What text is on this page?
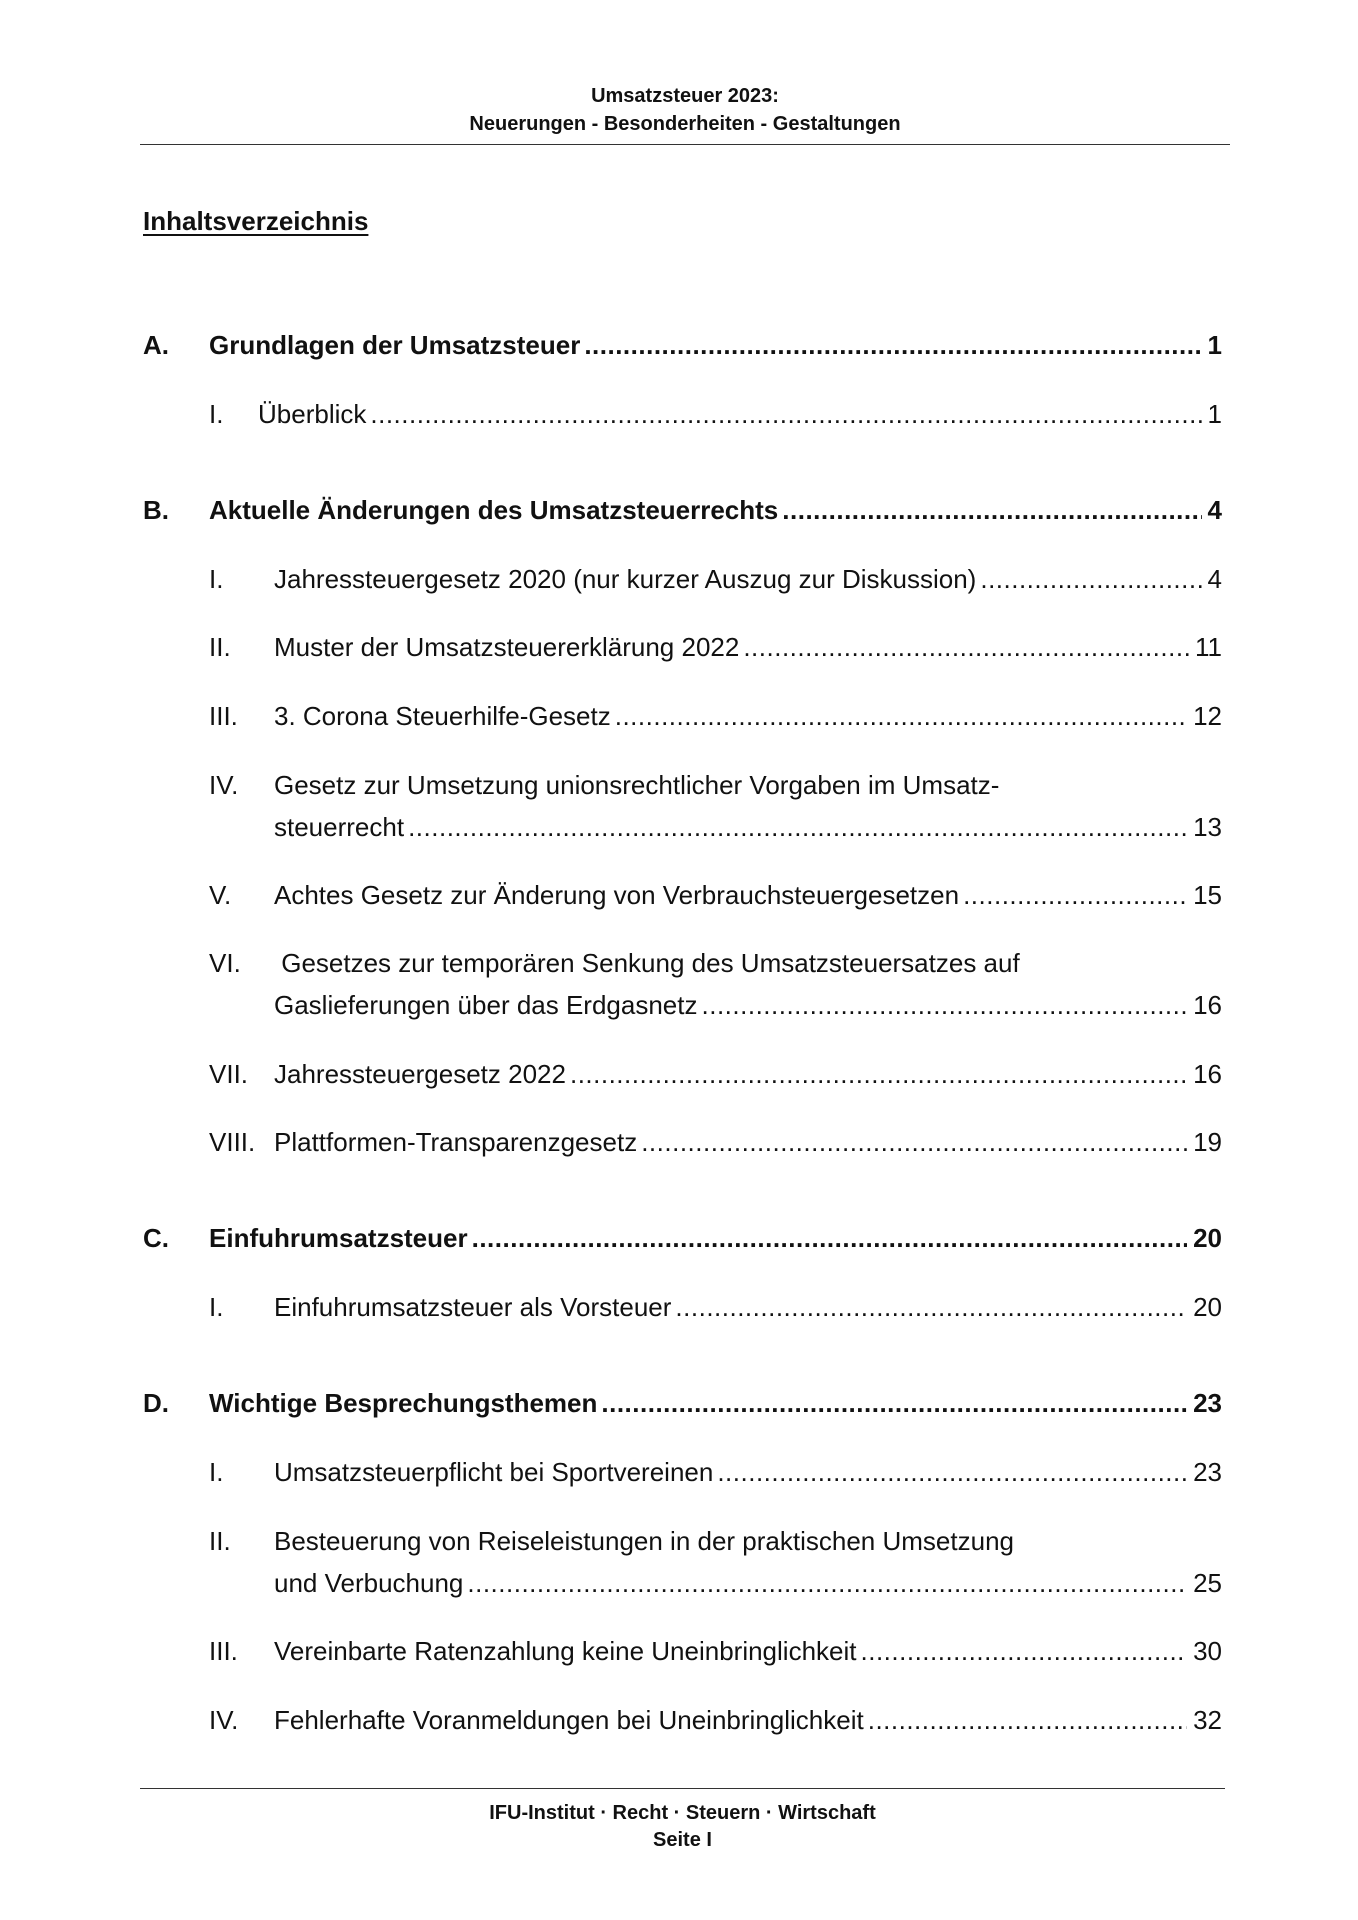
Umsatzsteuer 2023:
Neuerungen - Besonderheiten - Gestaltungen
Inhaltsverzeichnis
A. Grundlagen der Umsatzsteuer .....	1
I. Überblick .....	1
B. Aktuelle Änderungen des Umsatzsteuerrechts .....	4
I. Jahressteuergesetz 2020 (nur kurzer Auszug zur Diskussion) .....	4
II. Muster der Umsatzsteuererklärung 2022 .....	11
III. 3. Corona Steuerhilfe-Gesetz .....	12
IV. Gesetz zur Umsetzung unionsrechtlicher Vorgaben im Umsatz-
steuerrecht .....	13
V. Achtes Gesetz zur Änderung von Verbrauchsteuergesetzen .....	15
VI. Gesetzes zur temporären Senkung des Umsatzsteuersatzes auf
Gaslieferungen über das Erdgasnetz .....	16
VII. Jahressteuergesetz 2022 .....	16
VIII. Plattformen-Transparenzgesetz .....	19
C. Einfuhrumsatzsteuer .....	20
I. Einfuhrumsatzsteuer als Vorsteuer .....	20
D. Wichtige Besprechungsthemen .....	23
I. Umsatzsteuerpflicht bei Sportvereinen .....	23
II. Besteuerung von Reiseleistungen in der praktischen Umsetzung
und Verbuchung .....	25
III. Vereinbarte Ratenzahlung keine Uneinbringlichkeit .....	30
IV. Fehlerhafte Voranmeldungen bei Uneinbringlichkeit .....	32
IFU-Institut · Recht · Steuern · Wirtschaft
Seite I
